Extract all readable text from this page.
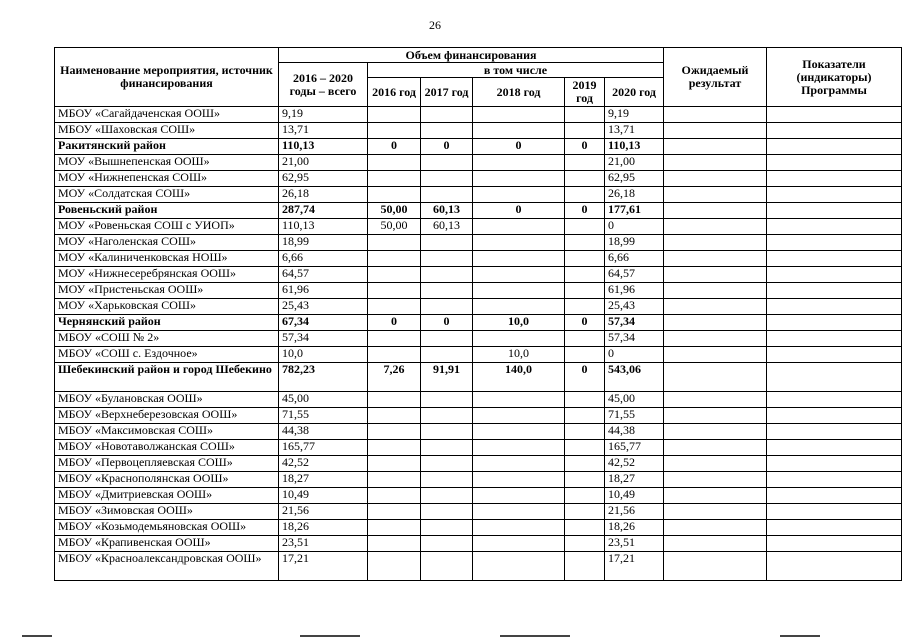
26
Наименование мероприятия, источник финансирования	Объем финансирования						Ожидаемый результат	Показатели (индикаторы) Программы
	2016 – 2020 годы – всего	в том числе						
		2016 год	2017 год	2018 год	2019 год	2020 год		
МБОУ «Сагайдаченская ООШ»	9,19					9,19		
МБОУ «Шаховская СОШ»	13,71					13,71		
Ракитянский район	110,13	0	0	0	0	110,13		
МОУ «Вышнепенская ООШ»	21,00					21,00		
МОУ «Нижнепенская СОШ»	62,95					62,95		
МОУ «Солдатская СОШ»	26,18					26,18		
Ровеньский район	287,74	50,00	60,13	0	0	177,61		
МОУ «Ровеньская СОШ с УИОП»	110,13	50,00	60,13			0		
МОУ «Наголенская СОШ»	18,99					18,99		
МОУ «Калиниченковская НОШ»	6,66					6,66		
МОУ «Нижнесеребрянская ООШ»	64,57					64,57		
МОУ «Пристеньская ООШ»	61,96					61,96		
МОУ «Харьковская СОШ»	25,43					25,43		
Чернянский район	67,34	0	0	10,0	0	57,34		
МБОУ «СОШ № 2»	57,34					57,34		
МБОУ «СОШ с. Ездочное»	10,0			10,0		0		
Шебекинский район и город Шебекино	782,23	7,26	91,91	140,0	0	543,06		
МБОУ «Булановская ООШ»	45,00					45,00		
МБОУ «Верхнеберезовская ООШ»	71,55					71,55		
МБОУ «Максимовская СОШ»	44,38					44,38		
МБОУ «Новотаволжанская СОШ»	165,77					165,77		
МБОУ «Первоцепляевская СОШ»	42,52					42,52		
МБОУ «Краснополянская ООШ»	18,27					18,27		
МБОУ «Дмитриевская ООШ»	10,49					10,49		
МБОУ «Зимовская ООШ»	21,56					21,56		
МБОУ «Козьмодемьяновская ООШ»	18,26					18,26		
МБОУ «Крапивенская ООШ»	23,51					23,51		
МБОУ «Красноалександровская ООШ»	17,21					17,21		
